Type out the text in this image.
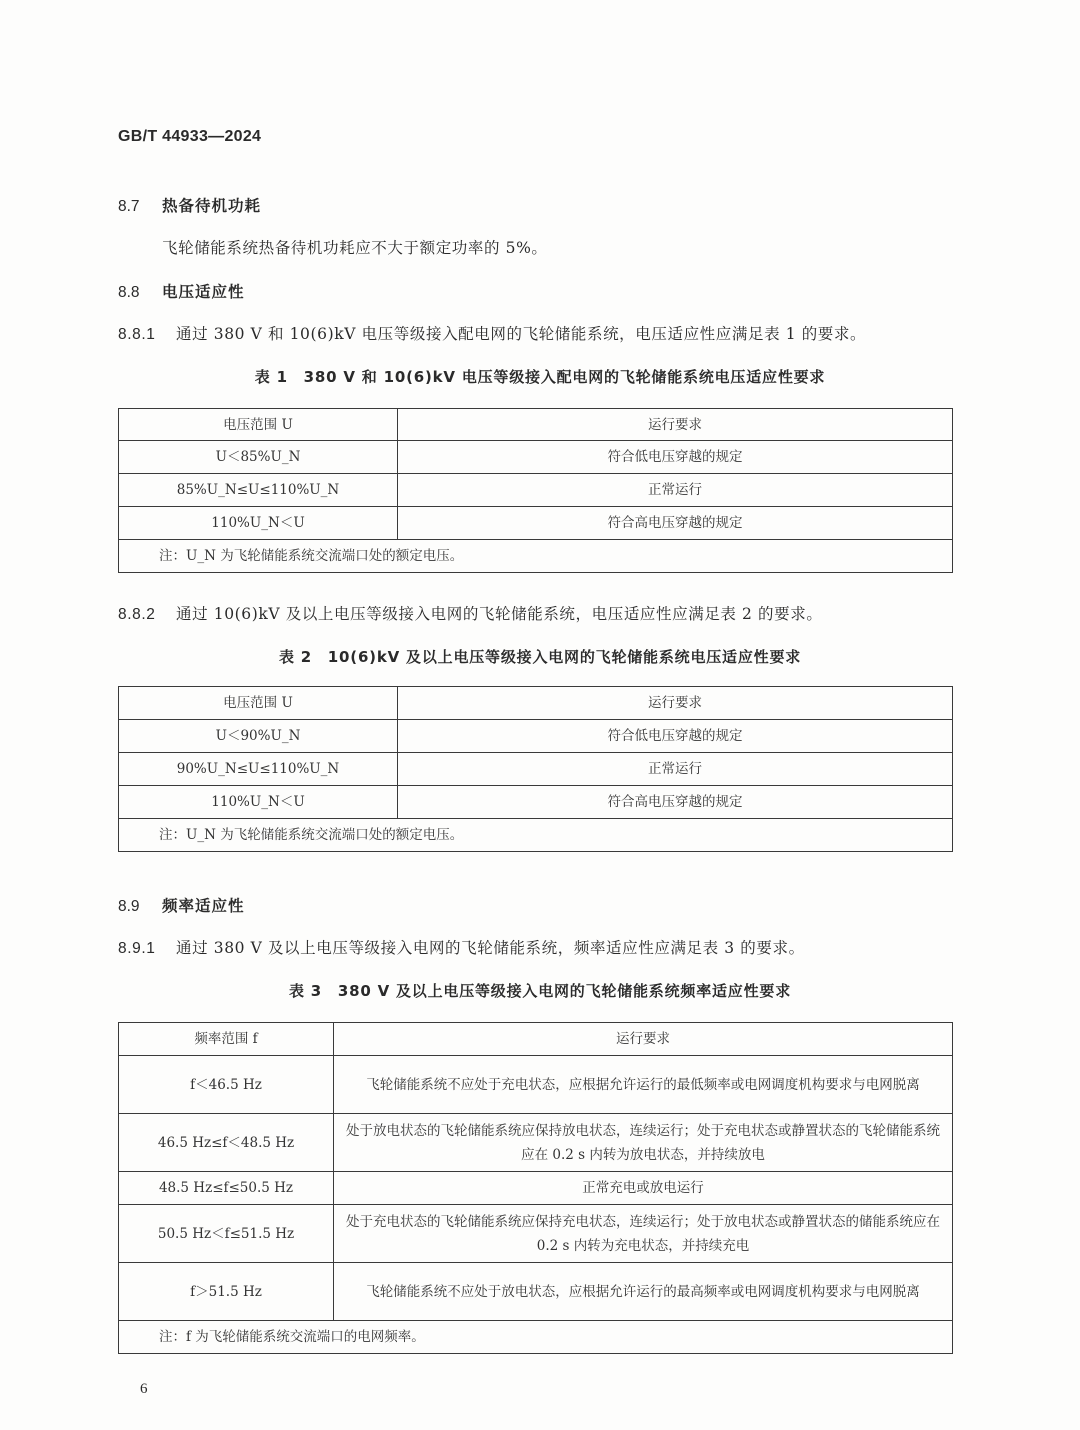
GB/T 44933—2024
8.7 热备待机功耗
飞轮储能系统热备待机功耗应不大于额定功率的 5%。
8.8 电压适应性
8.8.1 通过 380 V 和 10(6)kV 电压等级接入配电网的飞轮储能系统，电压适应性应满足表 1 的要求。
表 1　380 V 和 10(6)kV 电压等级接入配电网的飞轮储能系统电压适应性要求
电压范围 U	运行要求
U＜85%U_N	符合低电压穿越的规定
85%U_N≤U≤110%U_N	正常运行
110%U_N＜U	符合高电压穿越的规定
注：U_N 为飞轮储能系统交流端口处的额定电压。	
8.8.2 通过 10(6)kV 及以上电压等级接入电网的飞轮储能系统，电压适应性应满足表 2 的要求。
表 2　10(6)kV 及以上电压等级接入电网的飞轮储能系统电压适应性要求
电压范围 U	运行要求
U＜90%U_N	符合低电压穿越的规定
90%U_N≤U≤110%U_N	正常运行
110%U_N＜U	符合高电压穿越的规定
注：U_N 为飞轮储能系统交流端口处的额定电压。	
8.9 频率适应性
8.9.1 通过 380 V 及以上电压等级接入电网的飞轮储能系统，频率适应性应满足表 3 的要求。
表 3　380 V 及以上电压等级接入电网的飞轮储能系统频率适应性要求
频率范围 f	运行要求
f＜46.5 Hz	飞轮储能系统不应处于充电状态，应根据允许运行的最低频率或电网调度机构要求与电网脱离
46.5 Hz≤f＜48.5 Hz	处于放电状态的飞轮储能系统应保持放电状态，连续运行；处于充电状态或静置状态的飞轮储能系统应在 0.2 s 内转为放电状态，并持续放电
48.5 Hz≤f≤50.5 Hz	正常充电或放电运行
50.5 Hz＜f≤51.5 Hz	处于充电状态的飞轮储能系统应保持充电状态，连续运行；处于放电状态或静置状态的储能系统应在 0.2 s 内转为充电状态，并持续充电
f＞51.5 Hz	飞轮储能系统不应处于放电状态，应根据允许运行的最高频率或电网调度机构要求与电网脱离
注：f 为飞轮储能系统交流端口的电网频率。	
6
